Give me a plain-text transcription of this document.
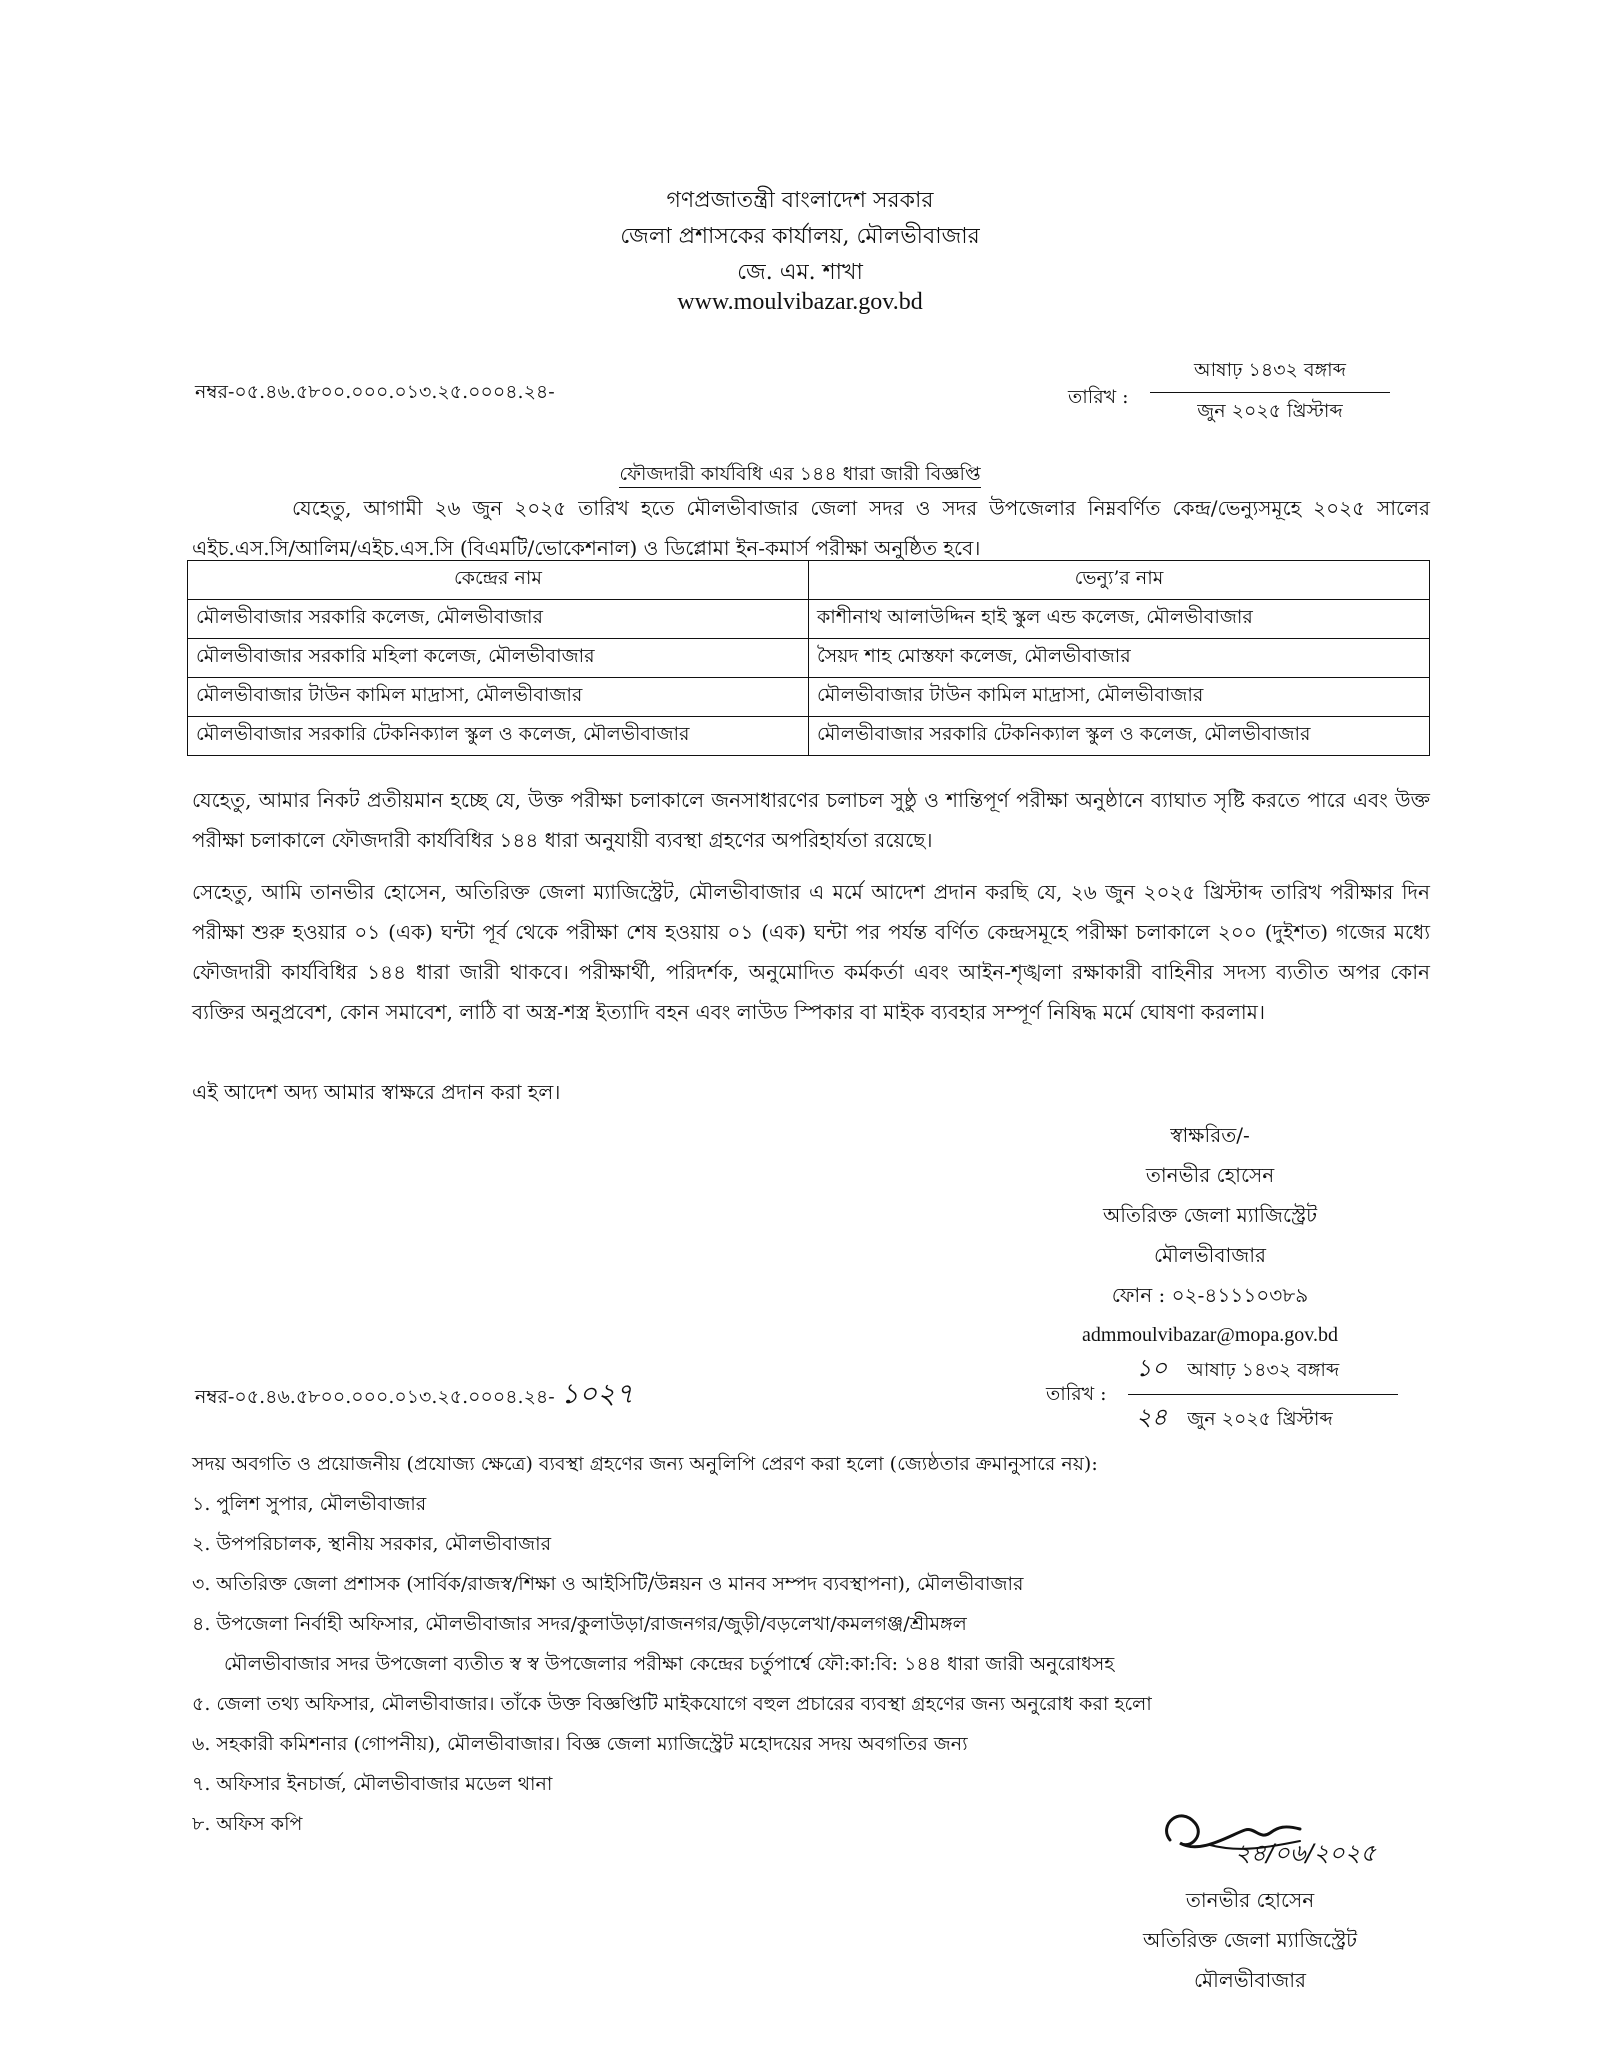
গণপ্রজাতন্ত্রী বাংলাদেশ সরকার
জেলা প্রশাসকের কার্যালয়, মৌলভীবাজার
জে. এম. শাখা
www.moulvibazar.gov.bd
নম্বর-০৫.৪৬.৫৮০০.০০০.০১৩.২৫.০০০৪.২৪-	তারিখ :
আষাঢ় ১৪৩২ বঙ্গাব্দ
জুন ২০২৫ খ্রিস্টাব্দ
ফৌজদারী কার্যবিধি এর ১৪৪ ধারা জারী বিজ্ঞপ্তি
যেহেতু, আগামী ২৬ জুন ২০২৫ তারিখ হতে মৌলভীবাজার জেলা সদর ও সদর উপজেলার নিম্নবর্ণিত কেন্দ্র/ভেন্যুসমূহে ২০২৫ সালের এইচ.এস.সি/আলিম/এইচ.এস.সি (বিএমটি/ভোকেশনাল) ও ডিপ্লোমা ইন-কমার্স পরীক্ষা অনুষ্ঠিত হবে।
কেন্দ্রের নাম	ভেন্যু’র নাম
মৌলভীবাজার সরকারি কলেজ, মৌলভীবাজার	কাশীনাথ আলাউদ্দিন হাই স্কুল এন্ড কলেজ, মৌলভীবাজার
মৌলভীবাজার সরকারি মহিলা কলেজ, মৌলভীবাজার	সৈয়দ শাহ মোস্তফা কলেজ, মৌলভীবাজার
মৌলভীবাজার টাউন কামিল মাদ্রাসা, মৌলভীবাজার	মৌলভীবাজার টাউন কামিল মাদ্রাসা, মৌলভীবাজার
মৌলভীবাজার সরকারি টেকনিক্যাল স্কুল ও কলেজ, মৌলভীবাজার	মৌলভীবাজার সরকারি টেকনিক্যাল স্কুল ও কলেজ, মৌলভীবাজার
যেহেতু, আমার নিকট প্রতীয়মান হচ্ছে যে, উক্ত পরীক্ষা চলাকালে জনসাধারণের চলাচল সুষ্ঠু ও শান্তিপূর্ণ পরীক্ষা অনুষ্ঠানে ব্যাঘাত সৃষ্টি করতে পারে এবং উক্ত পরীক্ষা চলাকালে ফৌজদারী কার্যবিধির ১৪৪ ধারা অনুযায়ী ব্যবস্থা গ্রহণের অপরিহার্যতা রয়েছে।
সেহেতু, আমি তানভীর হোসেন, অতিরিক্ত জেলা ম্যাজিস্ট্রেট, মৌলভীবাজার এ মর্মে আদেশ প্রদান করছি যে, ২৬ জুন ২০২৫ খ্রিস্টাব্দ তারিখ পরীক্ষার দিন পরীক্ষা শুরু হওয়ার ০১ (এক) ঘন্টা পূর্ব থেকে পরীক্ষা শেষ হওয়ায় ০১ (এক) ঘন্টা পর পর্যন্ত বর্ণিত কেন্দ্রসমূহে পরীক্ষা চলাকালে ২০০ (দুইশত) গজের মধ্যে ফৌজদারী কার্যবিধির ১৪৪ ধারা জারী থাকবে। পরীক্ষার্থী, পরিদর্শক, অনুমোদিত কর্মকর্তা এবং আইন-শৃঙ্খলা রক্ষাকারী বাহিনীর সদস্য ব্যতীত অপর কোন ব্যক্তির অনুপ্রবেশ, কোন সমাবেশ, লাঠি বা অস্ত্র-শস্ত্র ইত্যাদি বহন এবং লাউড স্পিকার বা মাইক ব্যবহার সম্পূর্ণ নিষিদ্ধ মর্মে ঘোষণা করলাম।
এই আদেশ অদ্য আমার স্বাক্ষরে প্রদান করা হল।
স্বাক্ষরিত/-
তানভীর হোসেন
অতিরিক্ত জেলা ম্যাজিস্ট্রেট
মৌলভীবাজার
ফোন : ০২-৪১১১০৩৮৯
admmoulvibazar@mopa.gov.bd
নম্বর-০৫.৪৬.৫৮০০.০০০.০১৩.২৫.০০০৪.২৪- ১০২৭	তারিখ :
১০ আষাঢ় ১৪৩২ বঙ্গাব্দ
২৪ জুন ২০২৫ খ্রিস্টাব্দ
সদয় অবগতি ও প্রয়োজনীয় (প্রযোজ্য ক্ষেত্রে) ব্যবস্থা গ্রহণের জন্য অনুলিপি প্রেরণ করা হলো (জ্যেষ্ঠতার ক্রমানুসারে নয়):
১. পুলিশ সুপার, মৌলভীবাজার
২. উপপরিচালক, স্থানীয় সরকার, মৌলভীবাজার
৩. অতিরিক্ত জেলা প্রশাসক (সার্বিক/রাজস্ব/শিক্ষা ও আইসিটি/উন্নয়ন ও মানব সম্পদ ব্যবস্থাপনা), মৌলভীবাজার
৪. উপজেলা নির্বাহী অফিসার, মৌলভীবাজার সদর/কুলাউড়া/রাজনগর/জুড়ী/বড়লেখা/কমলগঞ্জ/শ্রীমঙ্গল
মৌলভীবাজার সদর উপজেলা ব্যতীত স্ব স্ব উপজেলার পরীক্ষা কেন্দ্রের চর্তুপার্শ্বে ফৌ:কা:বি: ১৪৪ ধারা জারী অনুরোধসহ
৫. জেলা তথ্য অফিসার, মৌলভীবাজার। তাঁকে উক্ত বিজ্ঞপ্তিটি মাইকযোগে বহুল প্রচারের ব্যবস্থা গ্রহণের জন্য অনুরোধ করা হলো
৬. সহকারী কমিশনার (গোপনীয়), মৌলভীবাজার। বিজ্ঞ জেলা ম্যাজিস্ট্রেট মহোদয়ের সদয় অবগতির জন্য
৭. অফিসার ইনচার্জ, মৌলভীবাজার মডেল থানা
৮. অফিস কপি
২৪/০৬/২০২৫
তানভীর হোসেন
অতিরিক্ত জেলা ম্যাজিস্ট্রেট
মৌলভীবাজার
